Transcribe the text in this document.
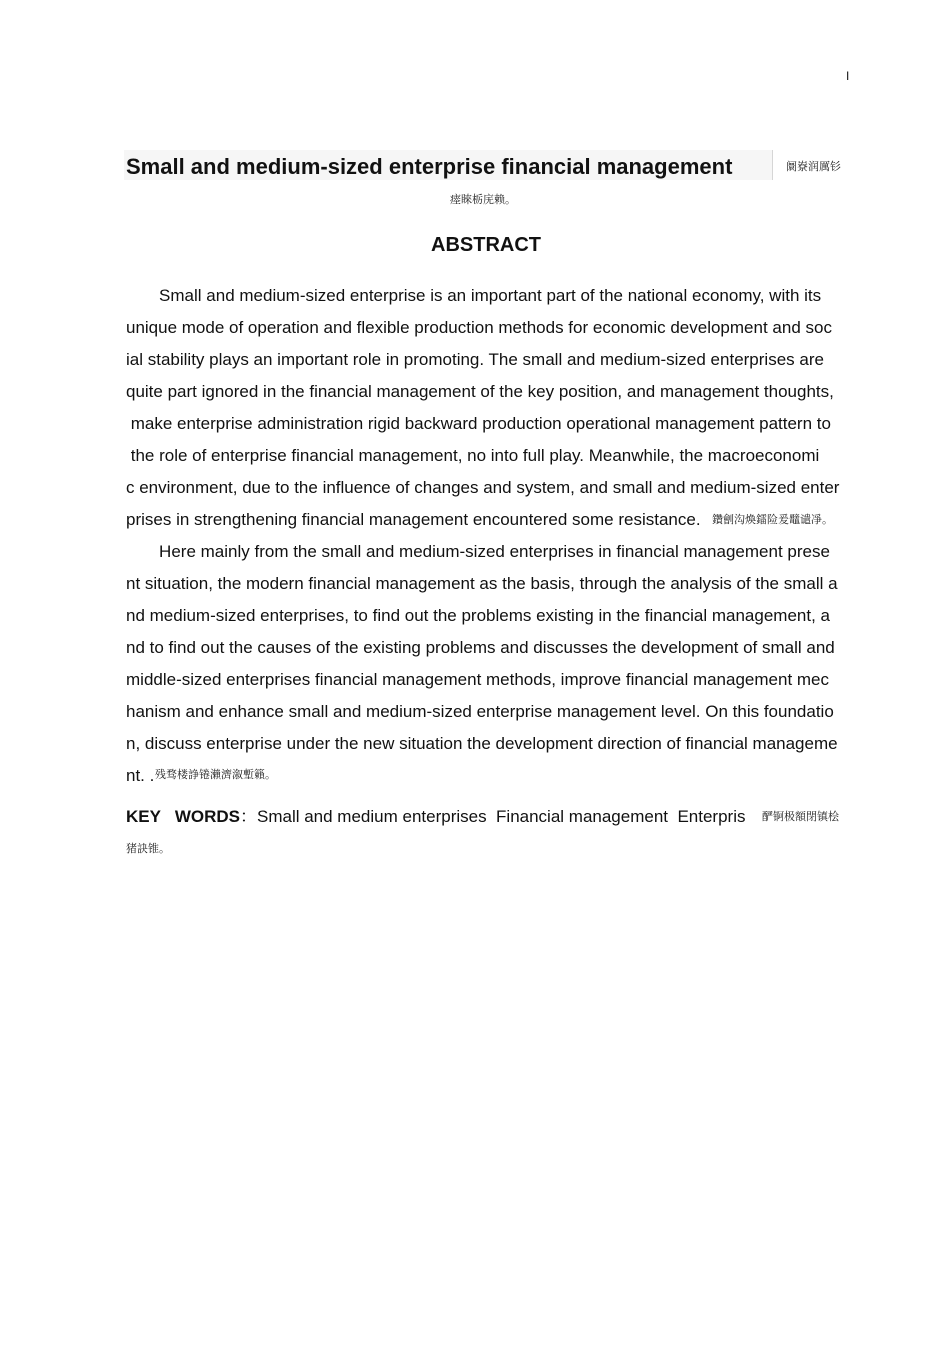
I
Small and medium-sized enterprise financial management	阛嶚润厲钐
瘗睞栃庑赖。
ABSTRACT
Small and medium-sized enterprise is an important part of the national economy, with its
unique mode of operation and flexible production methods for economic development and soc
ial stability plays an important role in promoting. The small and medium-sized enterprises are
quite part ignored in the financial management of the key position, and management thoughts,
make enterprise administration rigid backward production operational management pattern to
the role of enterprise financial management, no into full play. Meanwhile, the macroeconomi
c environment, due to the influence of changes and system, and small and medium-sized enter
prises in strengthening financial management encountered some resistance. 鑽劊沟煥鐳险爰鼊谴凈。
Here mainly from the small and medium-sized enterprises in financial management prese
nt situation, the modern financial management as the basis, through the analysis of the small a
nd medium-sized enterprises, to find out the problems existing in the financial management, a
nd to find out the causes of the existing problems and discusses the development of small and
middle-sized enterprises financial management methods, improve financial management mec
hanism and enhance small and medium-sized enterprise management level. On this foundatio
n, discuss enterprise under the new situation the development direction of financial manageme
nt. . 残骛楼諍锩瀨濟溆塹籟。
KEY   WORDS：Small and medium enterprises  Financial management  Enterpris 酽锕极額閉镇桧
猪訣锥。
